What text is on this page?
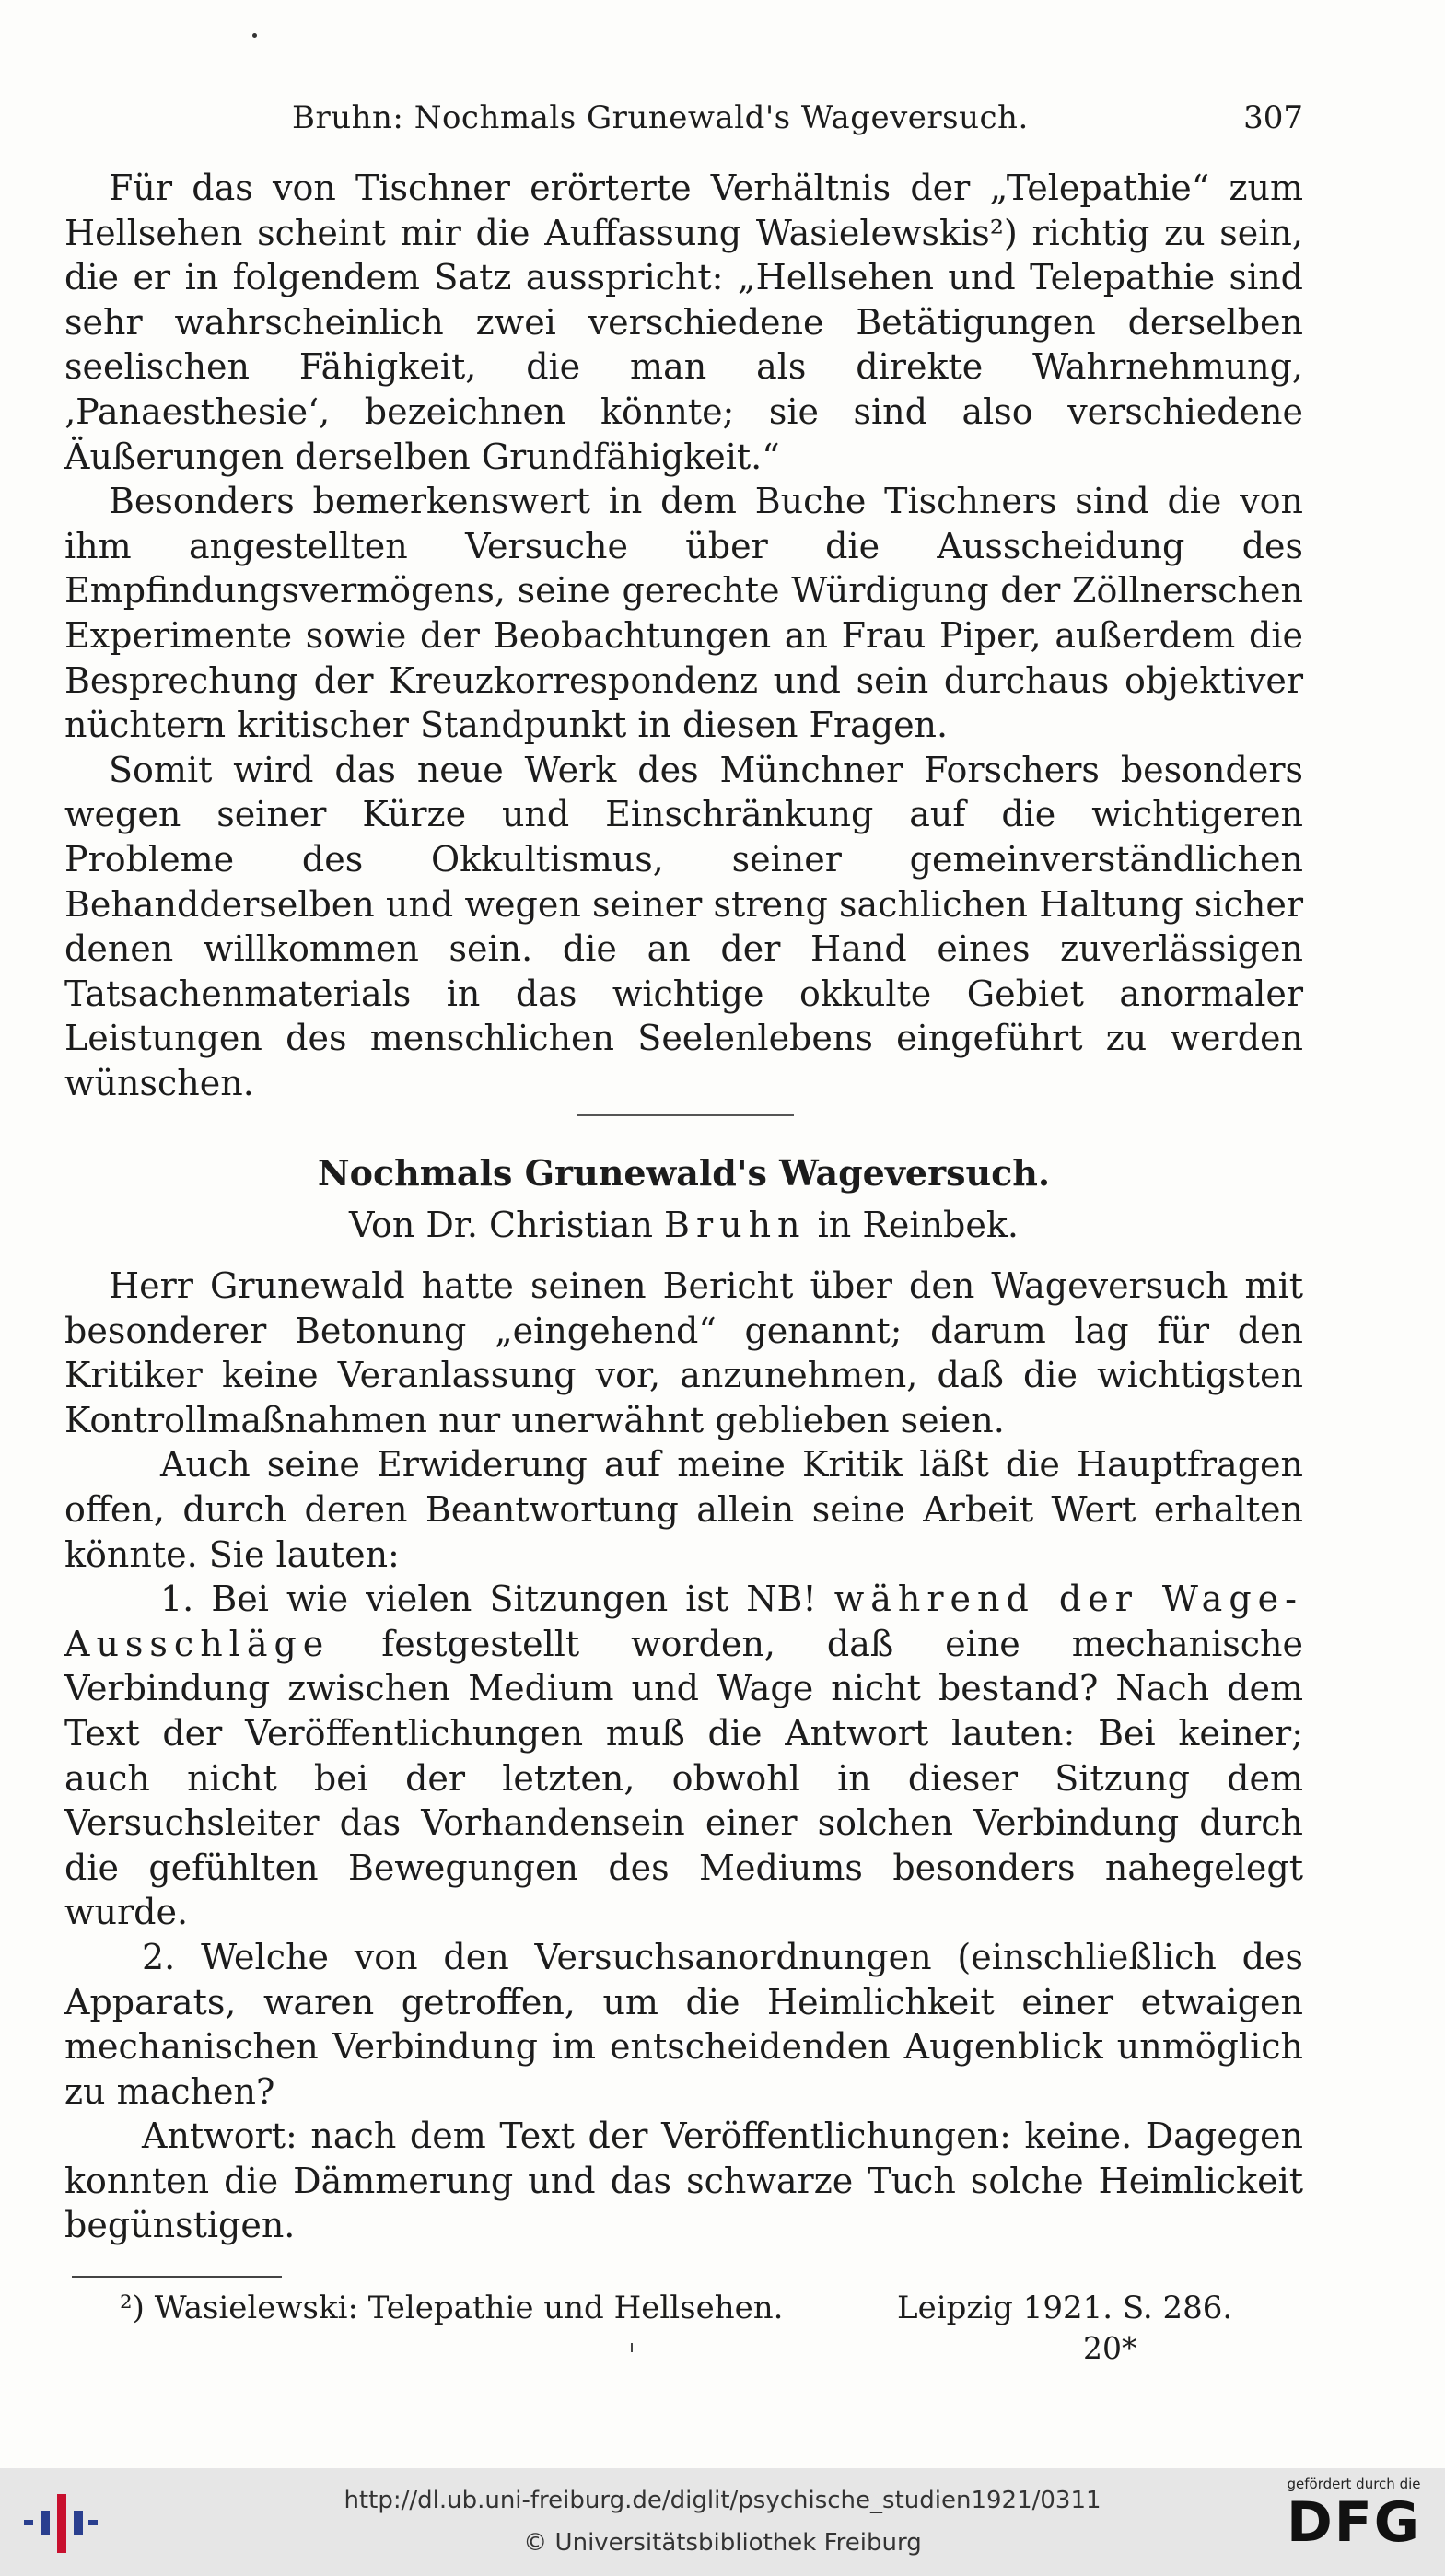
Bruhn: Nochmals Grunewald's Wageversuch.	307

Für das von Tischner erörterte Verhältnis der „Telepathie“ zum Hellsehen scheint mir die Auffassung Wasielewskis²) richtig zu sein, die er in folgendem Satz ausspricht: „Hellsehen und Telepathie sind sehr wahrscheinlich zwei verschiedene Betätigungen derselben seelischen Fähigkeit, die man als direkte Wahrnehmung, ‚Panaesthesie‘, bezeichnen könnte; sie sind also verschiedene Äußerungen derselben Grundfähigkeit.“

Besonders bemerkenswert in dem Buche Tischners sind die von ihm angestellten Versuche über die Ausscheidung des Empfindungsvermögens, seine gerechte Würdigung der Zöllnerschen Experimente sowie der Beobachtungen an Frau Piper, außerdem die Besprechung der Kreuzkorrespondenz und sein durchaus objektiver nüchtern kritischer Standpunkt in diesen Fragen.

Somit wird das neue Werk des Münchner Forschers besonders wegen seiner Kürze und Einschränkung auf die wichtigeren Probleme des Okkultismus, seiner gemeinverständlichen Behandderselben und wegen seiner streng sachlichen Haltung sicher denen willkommen sein. die an der Hand eines zuverlässigen Tatsachenmaterials in das wichtige okkulte Gebiet anormaler Leistungen des menschlichen Seelenlebens eingeführt zu werden wünschen.

Nochmals Grunewald's Wageversuch.
Von Dr. Christian Bruhn in Reinbek.

Herr Grunewald hatte seinen Bericht über den Wageversuch mit besonderer Betonung „eingehend“ genannt; darum lag für den Kritiker keine Veranlassung vor, anzunehmen, daß die wichtigsten Kontrollmaßnahmen nur unerwähnt geblieben seien.

Auch seine Erwiderung auf meine Kritik läßt die Hauptfragen offen, durch deren Beantwortung allein seine Arbeit Wert erhalten könnte. Sie lauten:

1. Bei wie vielen Sitzungen ist NB! während der Wage-Ausschläge festgestellt worden, daß eine mechanische Verbindung zwischen Medium und Wage nicht bestand? Nach dem Text der Veröffentlichungen muß die Antwort lauten: Bei keiner; auch nicht bei der letzten, obwohl in dieser Sitzung dem Versuchsleiter das Vorhandensein einer solchen Verbindung durch die gefühlten Bewegungen des Mediums besonders nahegelegt wurde.

2. Welche von den Versuchsanordnungen (einschließlich des Apparats, waren getroffen, um die Heimlichkeit einer etwaigen mechanischen Verbindung im entscheidenden Augenblick unmöglich zu machen?

Antwort: nach dem Text der Veröffentlichungen: keine. Dagegen konnten die Dämmerung und das schwarze Tuch solche Heimlickeit begünstigen.

²) Wasielewski: Telepathie und Hellsehen.	Leipzig 1921. S. 286.
20*
http://dl.ub.uni-freiburg.de/diglit/psychische_studien1921/0311
© Universitätsbibliothek Freiburg
gefördert durch die
DFG
